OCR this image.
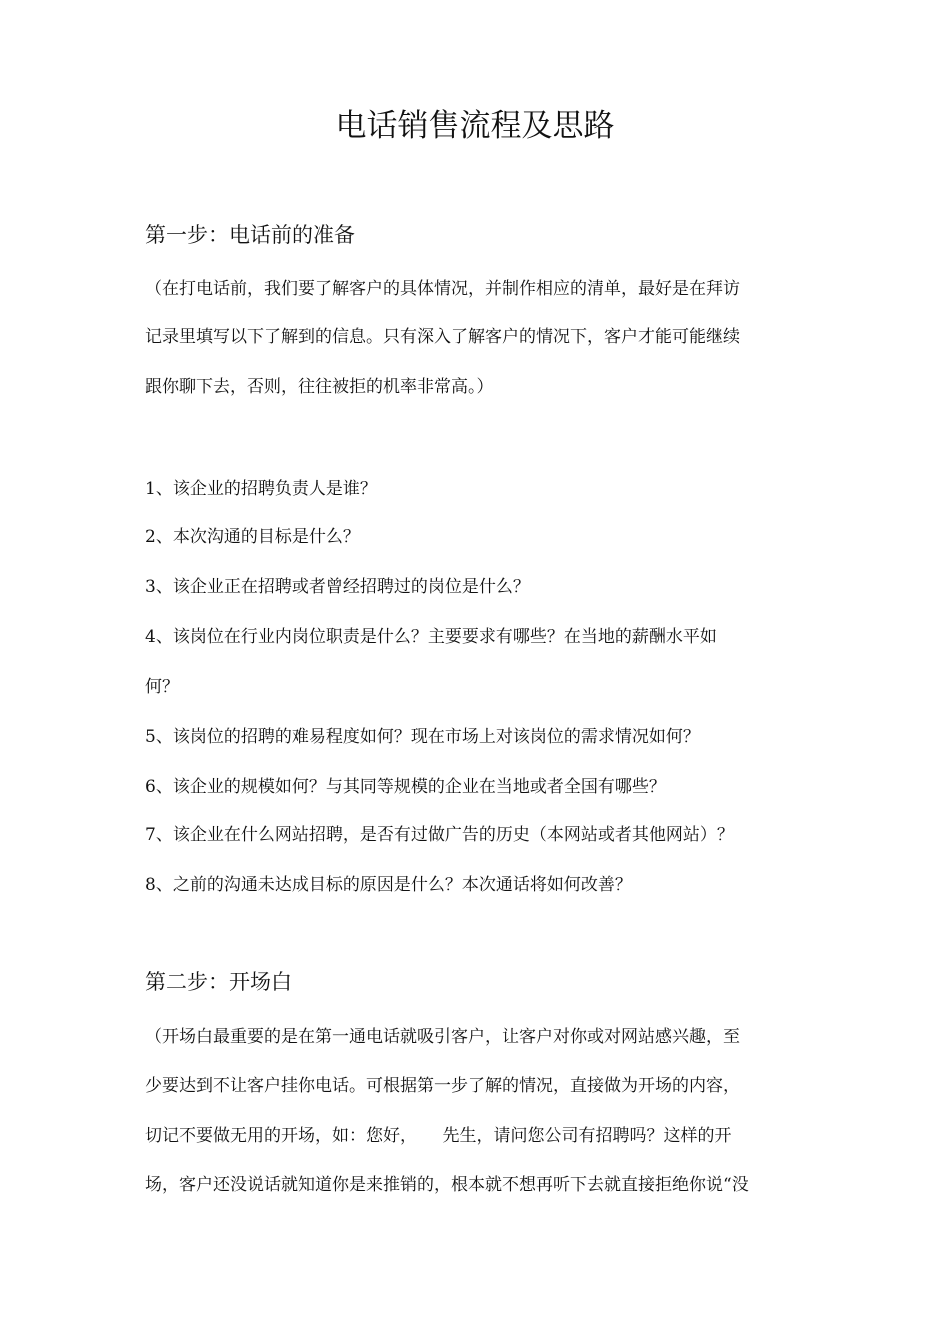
电话销售流程及思路
第一步：电话前的准备

（在打电话前，我们要了解客户的具体情况，并制作相应的清单，最好是在拜访

记录里填写以下了解到的信息。只有深入了解客户的情况下，客户才能可能继续

跟你聊下去，否则，往往被拒的机率非常高。）

1、该企业的招聘负责人是谁？

2、本次沟通的目标是什么？

3、该企业正在招聘或者曾经招聘过的岗位是什么？

4、该岗位在行业内岗位职责是什么？主要要求有哪些？在当地的薪酬水平如

何？

5、该岗位的招聘的难易程度如何？现在市场上对该岗位的需求情况如何？

6、该企业的规模如何？与其同等规模的企业在当地或者全国有哪些？

7、该企业在什么网站招聘，是否有过做广告的历史（本网站或者其他网站）？

8、之前的沟通未达成目标的原因是什么？本次通话将如何改善？

第二步：开场白

（开场白最重要的是在第一通电话就吸引客户，让客户对你或对网站感兴趣，至

少要达到不让客户挂你电话。可根据第一步了解的情况，直接做为开场的内容，

切记不要做无用的开场，如：您好，　　先生，请问您公司有招聘吗？这样的开

场，客户还没说话就知道你是来推销的，根本就不想再听下去就直接拒绝你说“没
